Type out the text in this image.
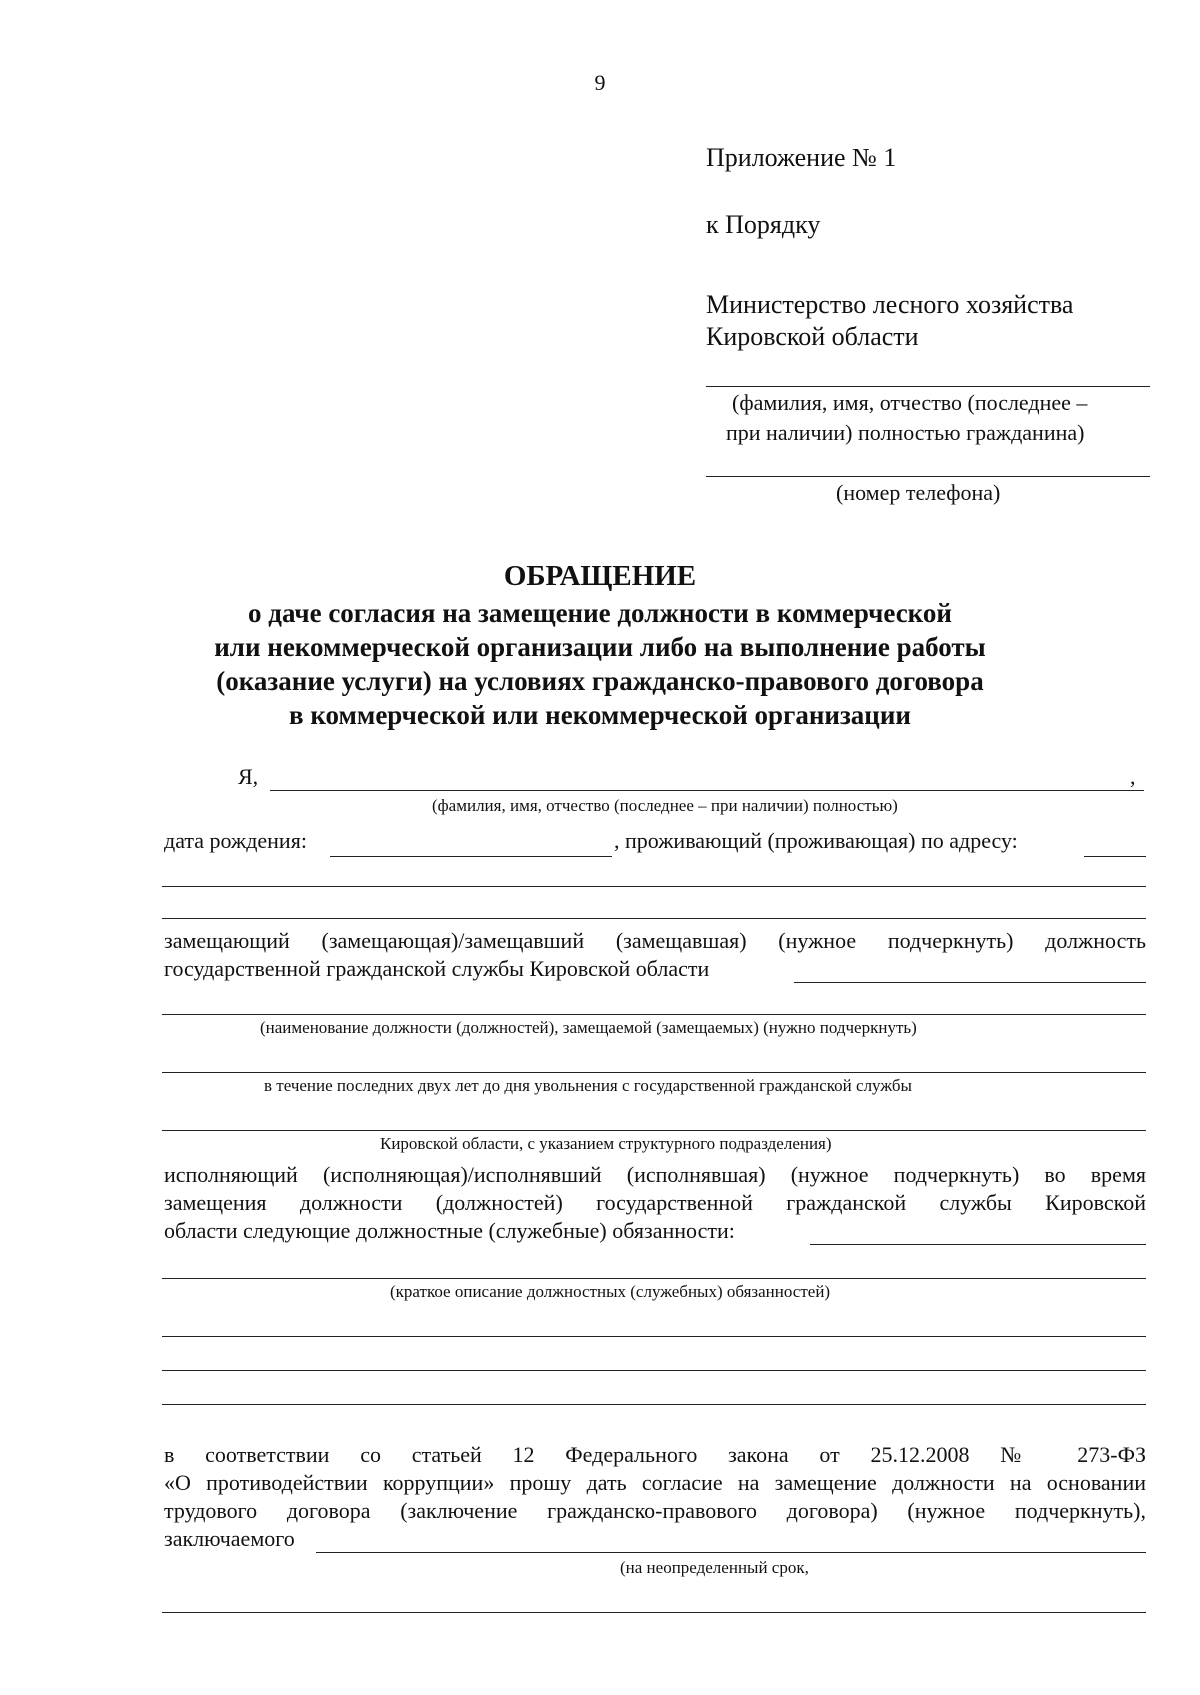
9
Приложение № 1
к Порядку
Министерство лесного хозяйства
Кировской области
(фамилия, имя, отчество (последнее –
при наличии) полностью гражданина)
(номер телефона)
ОБРАЩЕНИЕ
о даче согласия на замещение должности в коммерческой
или некоммерческой организации либо на выполнение работы
(оказание услуги) на условиях гражданско-правового договора
в коммерческой или некоммерческой организации
Я,	,
(фамилия, имя, отчество (последнее – при наличии) полностью)
дата рождения:	, проживающий (проживающая) по адресу:
замещающий (замещающая)/замещавший (замещавшая) (нужное подчеркнуть) должность
государственной гражданской службы Кировской области
(наименование должности (должностей), замещаемой (замещаемых) (нужно подчеркнуть)
в течение последних двух лет до дня увольнения с государственной гражданской службы
Кировской области, с указанием структурного подразделения)
исполняющий (исполняющая)/исполнявший (исполнявшая) (нужное подчеркнуть) во время
замещения должности (должностей) государственной гражданской службы Кировской
области следующие должностные (служебные) обязанности:
(краткое описание должностных (служебных) обязанностей)
в соответствии со статьей 12 Федерального закона от 25.12.2008 № 273-ФЗ
«О противодействии коррупции» прошу дать согласие на замещение должности на основании
трудового договора (заключение гражданско-правового договора) (нужное подчеркнуть),
заключаемого
(на неопределенный срок,
